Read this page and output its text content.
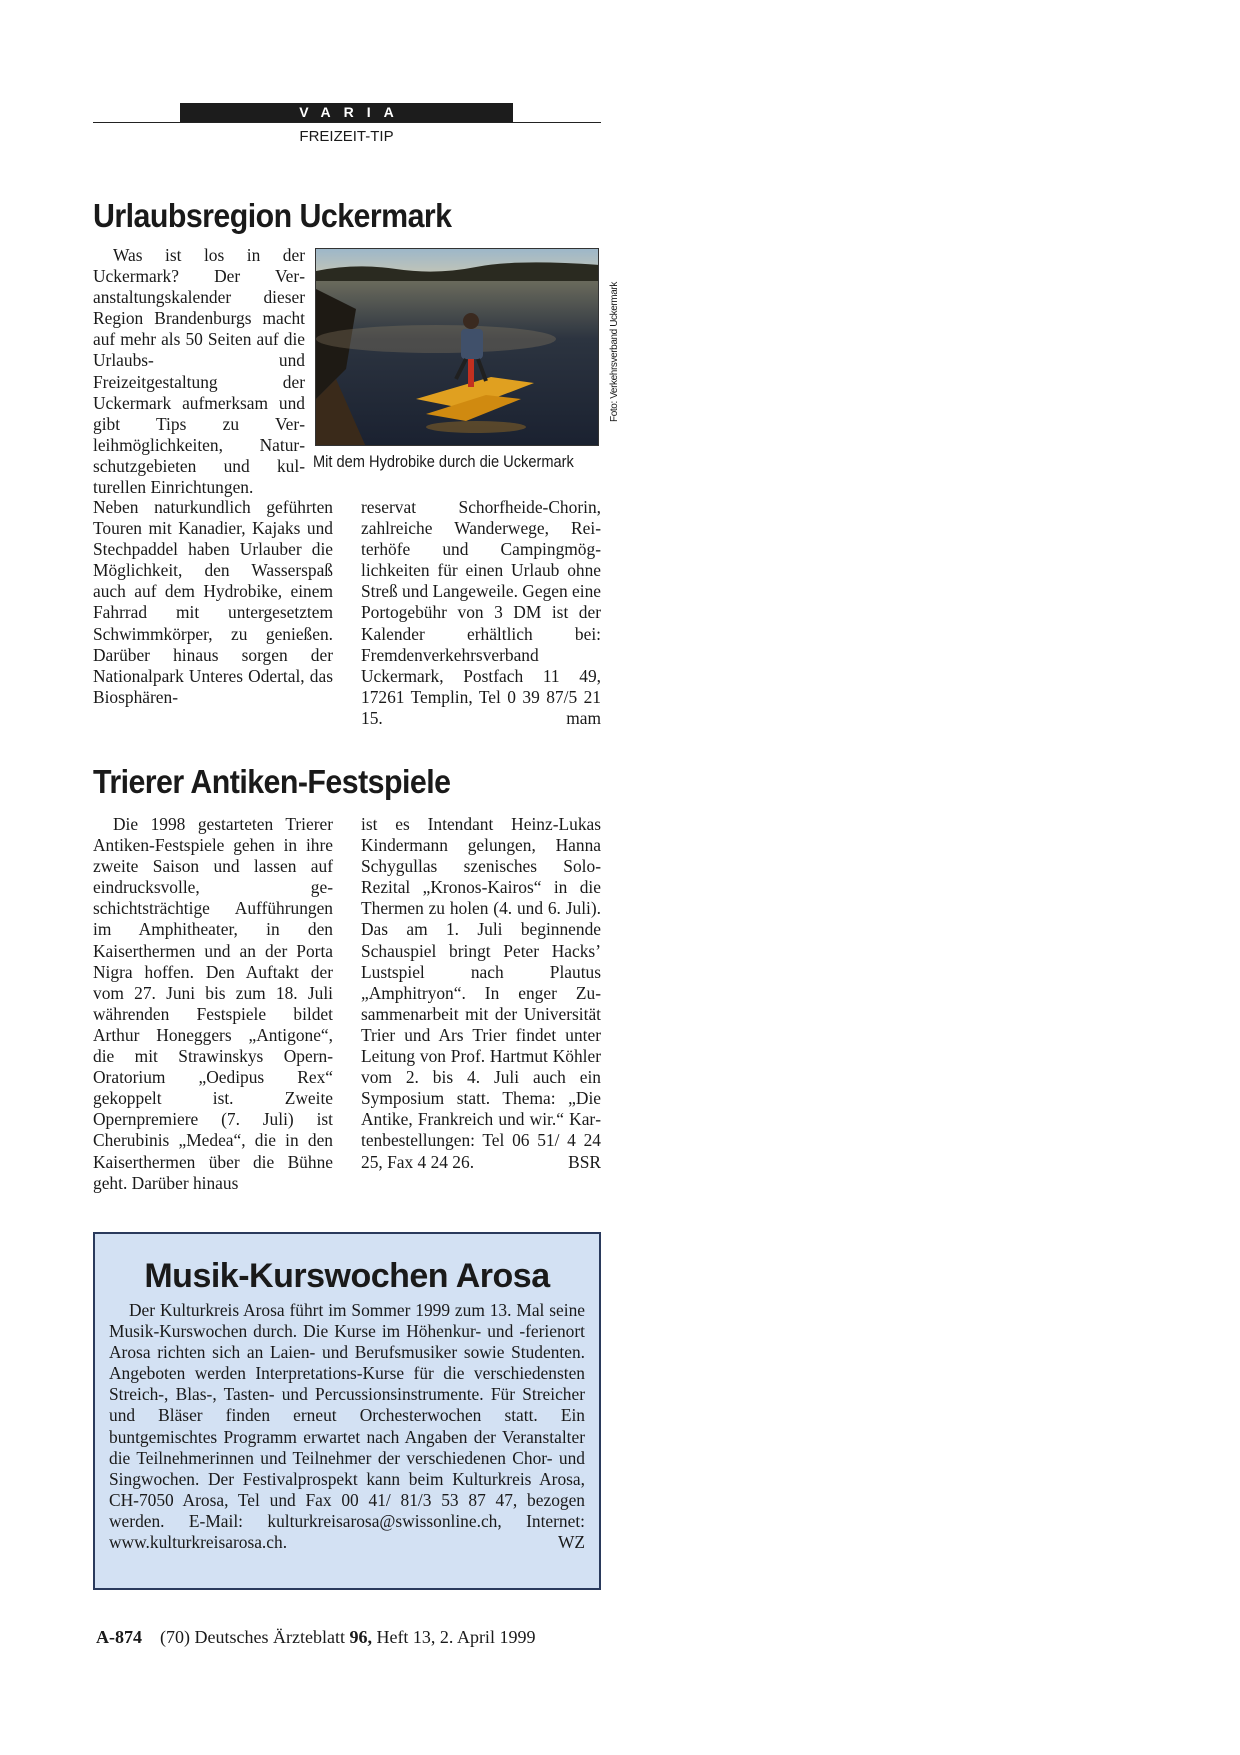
VARIA
FREIZEIT-TIP
Urlaubsregion Uckermark

Was ist los in der Uckermark? Der Veranstaltungskalender dieser Region Brandenburgs macht auf mehr als 50 Seiten auf die Urlaubs- und Freizeitgestaltung der Uckermark aufmerksam und gibt Tips zu Verleihmöglichkeiten, Naturschutzgebieten und kulturellen Einrichtungen.

Foto: Verkehrsverband Uckermark
Mit dem Hydrobike durch die Uckermark

Neben naturkundlich geführten Touren mit Kanadier, Kajaks und Stechpaddel haben Urlauber die Möglichkeit, den Wasserspaß auch auf dem Hydrobike, einem Fahrrad mit untergesetztem Schwimmkörper, zu genießen. Darüber hinaus sorgen der Nationalpark Unteres Odertal, das Biosphären-

reservat Schorfheide-Chorin, zahlreiche Wanderwege, Reiterhöfe und Campingmöglichkeiten für einen Urlaub ohne Streß und Langeweile. Gegen eine Portogebühr von 3 DM ist der Kalender erhältlich bei: Fremdenverkehrsverband Uckermark, Postfach 11 49, 17261 Templin, Tel 0 39 87/5 21 15.	mam

Trierer Antiken-Festspiele

Die 1998 gestarteten Trierer Antiken-Festspiele gehen in ihre zweite Saison und lassen auf eindrucksvolle, geschichtsträchtige Aufführungen im Amphitheater, in den Kaiserthermen und an der Porta Nigra hoffen. Den Auftakt der vom 27. Juni bis zum 18. Juli währenden Festspiele bildet Arthur Honeggers „Antigone“, die mit Strawinskys Opern-Oratorium „Oedipus Rex“ gekoppelt ist. Zweite Opernpremiere (7. Juli) ist Cherubinis „Medea“, die in den Kaiserthermen über die Bühne geht. Darüber hinaus

ist es Intendant Heinz-Lukas Kindermann gelungen, Hanna Schygullas szenisches Solo-Rezital „Kronos-Kairos“ in die Thermen zu holen (4. und 6. Juli). Das am 1. Juli beginnende Schauspiel bringt Peter Hacks’ Lustspiel nach Plautus „Amphitryon“. In enger Zusammenarbeit mit der Universität Trier und Ars Trier findet unter Leitung von Prof. Hartmut Köhler vom 2. bis 4. Juli auch ein Symposium statt. Thema: „Die Antike, Frankreich und wir.“ Kartenbestellungen: Tel 06 51/ 4 24 25, Fax 4 24 26.	BSR

Musik-Kurswochen Arosa

Der Kulturkreis Arosa führt im Sommer 1999 zum 13. Mal seine Musik-Kurswochen durch. Die Kurse im Höhenkur- und -ferienort Arosa richten sich an Laien- und Berufsmusiker sowie Studenten. Angeboten werden Interpretations-Kurse für die verschiedensten Streich-, Blas-, Tasten- und Percussionsinstrumente. Für Streicher und Bläser finden erneut Orchesterwochen statt. Ein buntgemischtes Programm erwartet nach Angaben der Veranstalter die Teilnehmerinnen und Teilnehmer der verschiedenen Chor- und Singwochen. Der Festivalprospekt kann beim Kulturkreis Arosa, CH-7050 Arosa, Tel und Fax 00 41/ 81/3 53 87 47, bezogen werden. E-Mail: kulturkreisarosa@swissonline.ch, Internet: www.kulturkreisarosa.ch.	WZ

A-874 (70) Deutsches Ärzteblatt 96, Heft 13, 2. April 1999
